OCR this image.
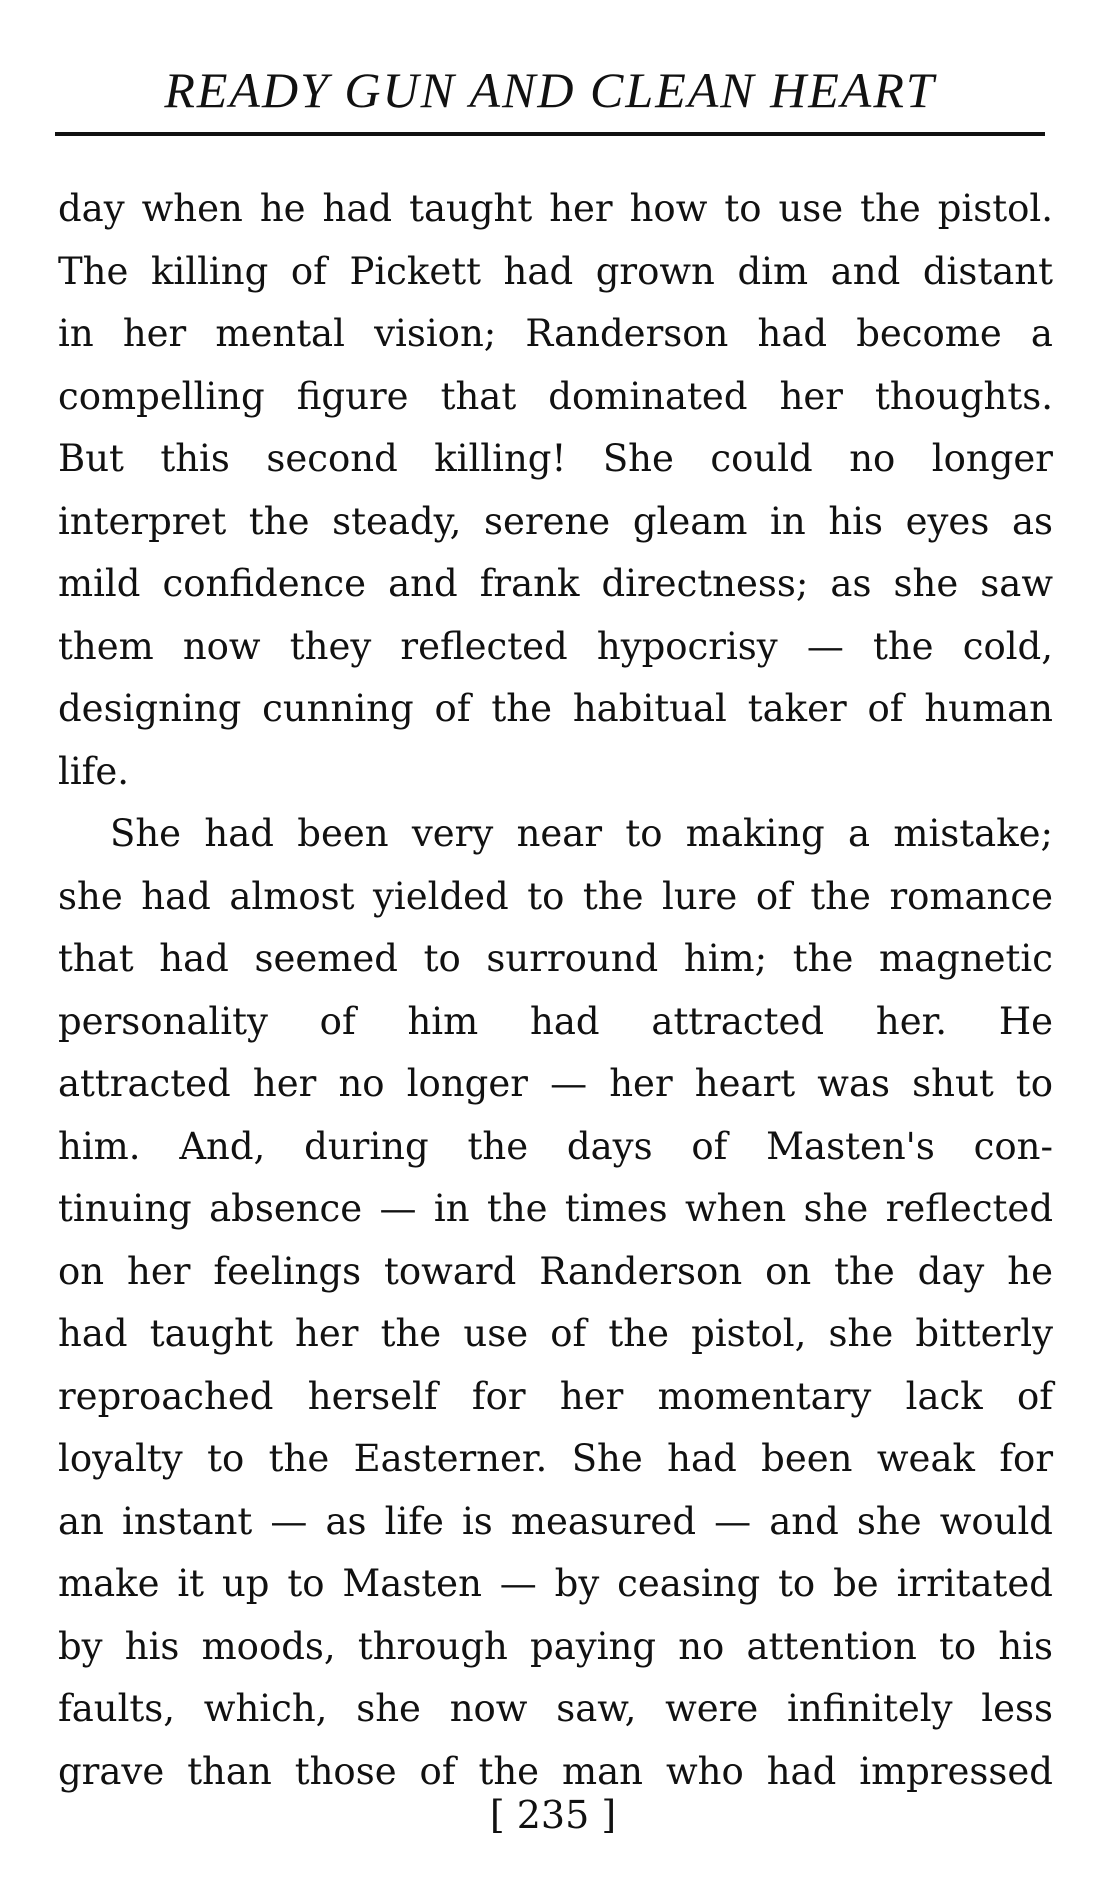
READY GUN AND CLEAN HEART
day when he had taught her how to use the pistol.
The killing of Pickett had grown dim and distant
in her mental vision; Randerson had become a
compelling figure that dominated her thoughts.
But this second killing! She could no longer
interpret the steady, serene gleam in his eyes as
mild confidence and frank directness; as she saw
them now they reflected hypocrisy — the cold,
designing cunning of the habitual taker of human
life.
She had been very near to making a mistake;
she had almost yielded to the lure of the romance
that had seemed to surround him; the magnetic
personality of him had attracted her. He
attracted her no longer — her heart was shut to
him. And, during the days of Masten's con-
tinuing absence — in the times when she reflected
on her feelings toward Randerson on the day he
had taught her the use of the pistol, she bitterly
reproached herself for her momentary lack of
loyalty to the Easterner. She had been weak for
an instant — as life is measured — and she would
make it up to Masten — by ceasing to be irritated
by his moods, through paying no attention to his
faults, which, she now saw, were infinitely less
grave than those of the man who had impressed
[ 235 ]
